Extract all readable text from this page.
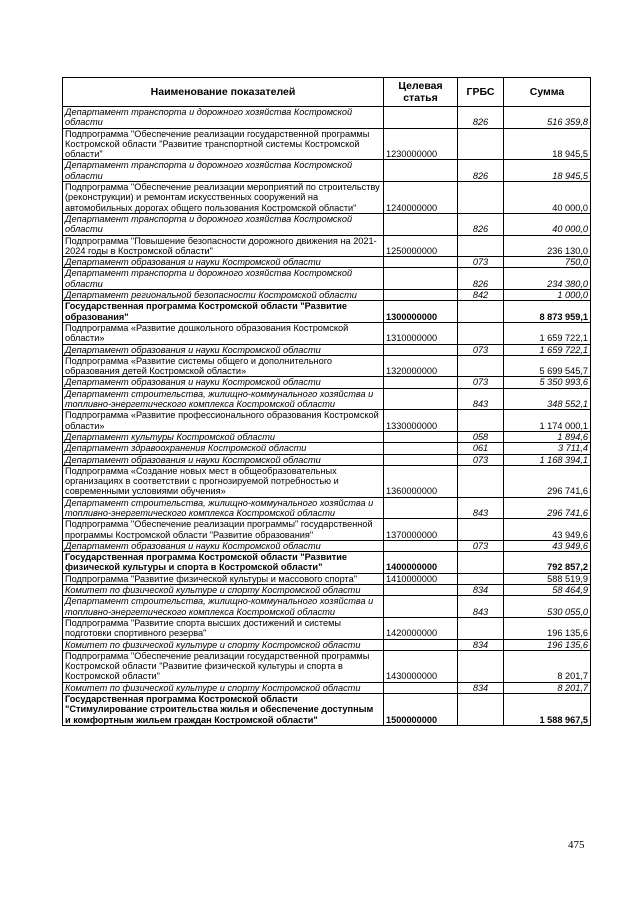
Наименование показателей	Целевая статья	ГРБС	Сумма
Департамент транспорта и дорожного хозяйства Костромской области		826	516 359,8
Подпрограмма "Обеспечение реализации государственной программы Костромской области "Развитие транспортной системы Костромской области"	1230000000		18 945,5
Департамент транспорта и дорожного хозяйства Костромской области		826	18 945,5
Подпрограмма "Обеспечение реализации мероприятий по строительству (реконструкции) и ремонтам искусственных сооружений на автомобильных дорогах общего пользования Костромской области"	1240000000		40 000,0
Департамент транспорта и дорожного хозяйства Костромской области		826	40 000,0
Подпрограмма "Повышение безопасности дорожного движения на 2021-2024 годы в Костромской области"	1250000000		236 130,0
Департамент образования и науки Костромской области		073	750,0
Департамент транспорта и дорожного хозяйства Костромской области		826	234 380,0
Департамент региональной безопасности Костромской области		842	1 000,0
Государственная программа Костромской области "Развитие образования"	1300000000		8 873 959,1
Подпрограмма «Развитие дошкольного образования Костромской области»	1310000000		1 659 722,1
Департамент образования и науки Костромской области		073	1 659 722,1
Подпрограмма «Развитие системы общего и дополнительного образования детей Костромской области»	1320000000		5 699 545,7
Департамент образования и науки Костромской области		073	5 350 993,6
Департамент строительства, жилищно-коммунального хозяйства и топливно-энергетического комплекса Костромской области		843	348 552,1
Подпрограмма «Развитие профессионального образования Костромской области»	1330000000		1 174 000,1
Департамент культуры Костромской области		058	1 894,6
Департамент здравоохранения Костромской области		061	3 711,4
Департамент образования и науки Костромской области		073	1 168 394,1
Подпрограмма «Создание новых мест в общеобразовательных организациях в соответствии с прогнозируемой потребностью и современными условиями обучения»	1360000000		296 741,6
Департамент строительства, жилищно-коммунального хозяйства и топливно-энергетического комплекса Костромской области		843	296 741,6
Подпрограмма "Обеспечение реализации программы" государственной программы Костромской области "Развитие образования"	1370000000		43 949,6
Департамент образования и науки Костромской области		073	43 949,6
Государственная программа Костромской области "Развитие физической культуры и спорта в Костромской области"	1400000000		792 857,2
Подпрограмма "Развитие физической культуры и массового спорта"	1410000000		588 519,9
Комитет по физической культуре и спорту Костромской области		834	58 464,9
Департамент строительства, жилищно-коммунального хозяйства и топливно-энергетического комплекса Костромской области		843	530 055,0
Подпрограмма "Развитие спорта высших достижений и системы подготовки спортивного резерва"	1420000000		196 135,6
Комитет по физической культуре и спорту Костромской области		834	196 135,6
Подпрограмма "Обеспечение реализации государственной программы Костромской области "Развитие физической культуры и спорта в Костромской области"	1430000000		8 201,7
Комитет по физической культуре и спорту Костромской области		834	8 201,7
Государственная программа Костромской области "Стимулирование строительства жилья и обеспечение доступным и комфортным жильем граждан Костромской области"	1500000000		1 588 967,5
475
